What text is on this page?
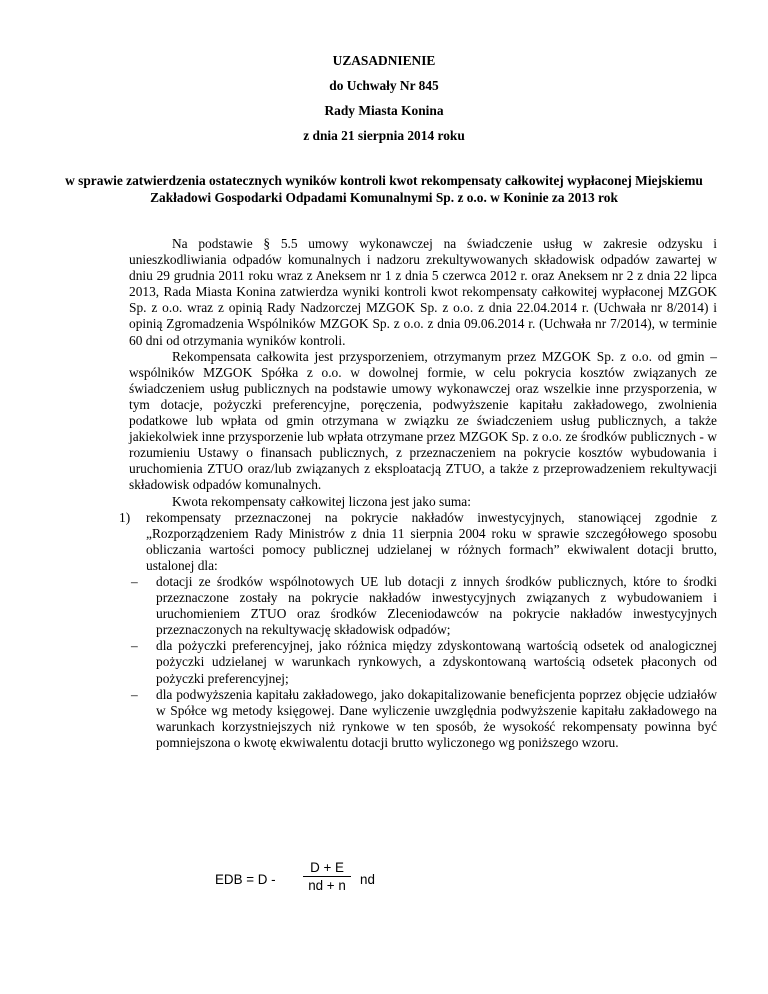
UZASADNIENIE
do Uchwały Nr 845
Rady Miasta Konina
z dnia 21 sierpnia 2014 roku
w sprawie zatwierdzenia ostatecznych wyników kontroli kwot rekompensaty całkowitej wypłaconej Miejskiemu Zakładowi Gospodarki Odpadami Komunalnymi Sp. z o.o. w Koninie za 2013 rok

Na podstawie § 5.5 umowy wykonawczej na świadczenie usług w zakresie odzysku i unieszkodliwiania odpadów komunalnych i nadzoru zrekultywowanych składowisk odpadów zawartej w dniu 29 grudnia 2011 roku wraz z Aneksem nr 1 z dnia 5 czerwca 2012 r. oraz Aneksem nr 2 z dnia 22 lipca 2013, Rada Miasta Konina zatwierdza wyniki kontroli kwot rekompensaty całkowitej wypłaconej MZGOK Sp. z o.o. wraz z opinią Rady Nadzorczej MZGOK Sp. z o.o. z dnia 22.04.2014 r. (Uchwała nr 8/2014) i opinią Zgromadzenia Wspólników MZGOK Sp. z o.o. z dnia 09.06.2014 r. (Uchwała nr 7/2014), w terminie 60 dni od otrzymania wyników kontroli.

Rekompensata całkowita jest przysporzeniem, otrzymanym przez MZGOK Sp. z o.o. od gmin – wspólników MZGOK Spółka z o.o. w dowolnej formie, w celu pokrycia kosztów związanych ze świadczeniem usług publicznych na podstawie umowy wykonawczej oraz wszelkie inne przysporzenia, w tym dotacje, pożyczki preferencyjne, poręczenia, podwyższenie kapitału zakładowego, zwolnienia podatkowe lub wpłata od gmin otrzymana w związku ze świadczeniem usług publicznych, a także jakiekolwiek inne przysporzenie lub wpłata otrzymane przez MZGOK Sp. z o.o. ze środków publicznych - w rozumieniu Ustawy o finansach publicznych, z przeznaczeniem na pokrycie kosztów wybudowania i uruchomienia ZTUO oraz/lub związanych z eksploatacją ZTUO, a także z przeprowadzeniem rekultywacji składowisk odpadów komunalnych.

Kwota rekompensaty całkowitej liczona jest jako suma:

1) rekompensaty przeznaczonej na pokrycie nakładów inwestycyjnych, stanowiącej zgodnie z „Rozporządzeniem Rady Ministrów z dnia 11 sierpnia 2004 roku w sprawie szczegółowego sposobu obliczania wartości pomocy publicznej udzielanej w różnych formach” ekwiwalent dotacji brutto, ustalonej dla:
– dotacji ze środków wspólnotowych UE lub dotacji z innych środków publicznych, które to środki przeznaczone zostały na pokrycie nakładów inwestycyjnych związanych z wybudowaniem i uruchomieniem ZTUO oraz środków Zleceniodawców na pokrycie nakładów inwestycyjnych przeznaczonych na rekultywację składowisk odpadów;
– dla pożyczki preferencyjnej, jako różnica między zdyskontowaną wartością odsetek od analogicznej pożyczki udzielanej w warunkach rynkowych, a zdyskontowaną wartością odsetek płaconych od pożyczki preferencyjnej;
– dla podwyższenia kapitału zakładowego, jako dokapitalizowanie beneficjenta poprzez objęcie udziałów w Spółce wg metody księgowej. Dane wyliczenie uwzględnia podwyższenie kapitału zakładowego na warunkach korzystniejszych niż rynkowe w ten sposób, że wysokość rekompensaty powinna być pomniejszona o kwotę ekwiwalentu dotacji brutto wyliczonego wg poniższego wzoru.
EDB = D -
D + E
nd + n	nd
